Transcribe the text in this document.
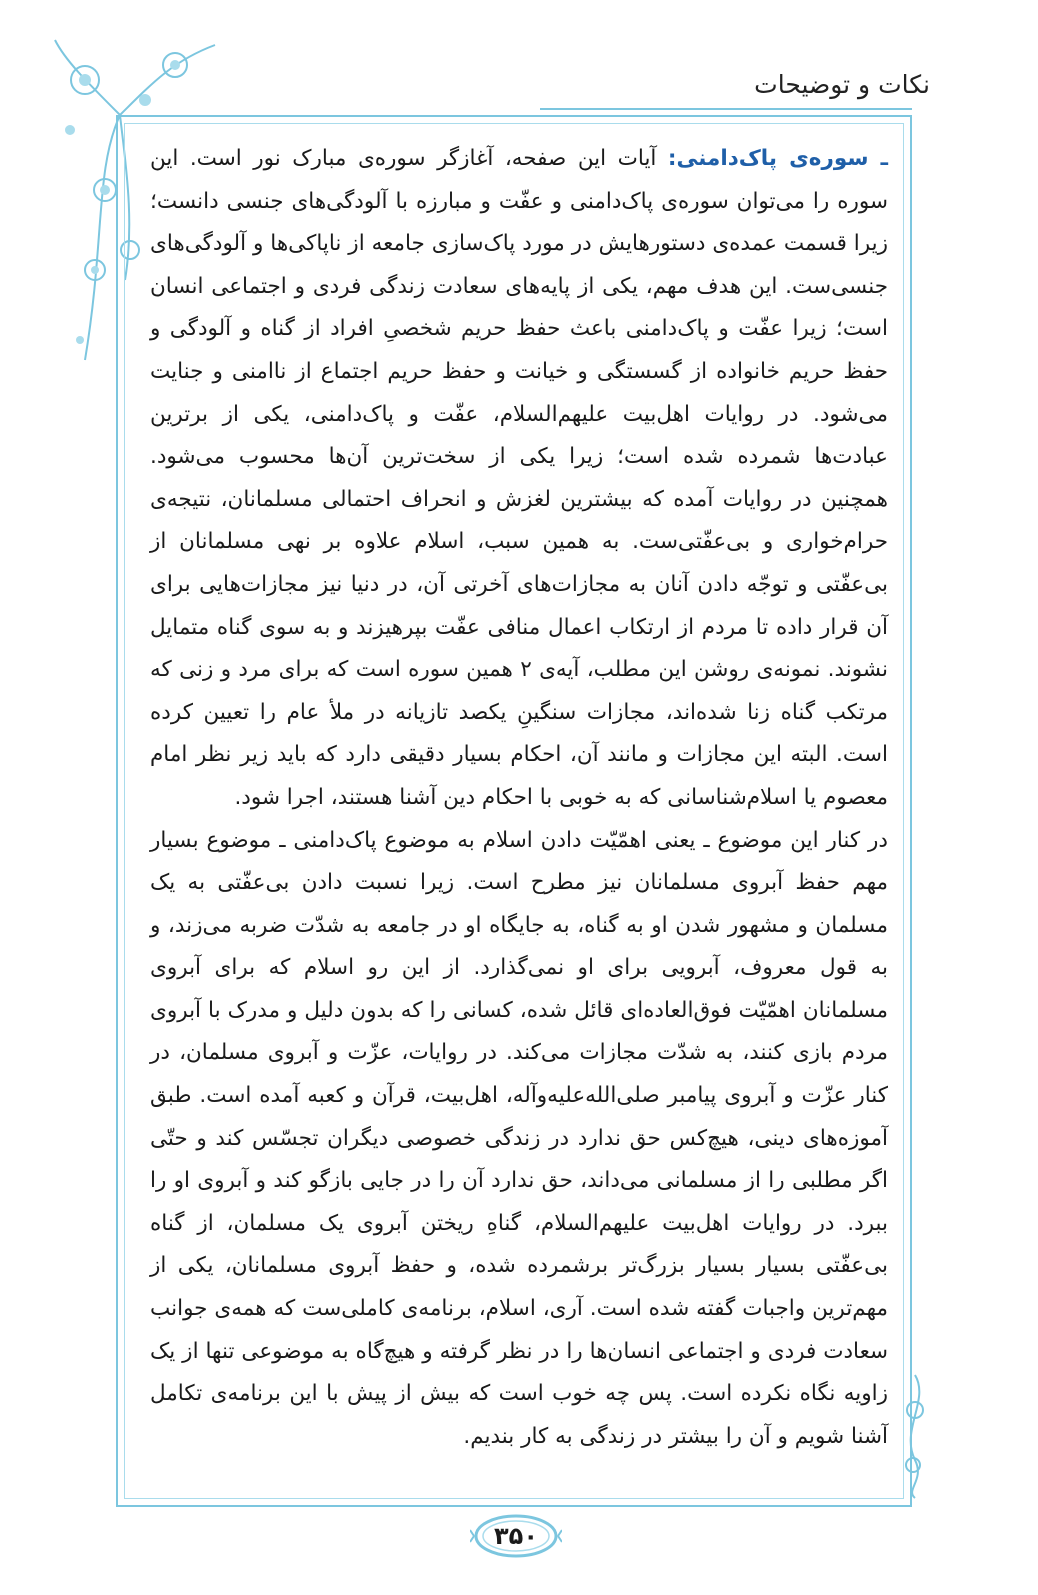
نکات و توضیحات

ـ سوره‌ی پاک‌دامنی: آیات این صفحه، آغازگر سوره‌ی مبارک نور است. این سوره را می‌توان سوره‌ی پاک‌دامنی و عفّت و مبارزه با آلودگی‌های جنسی دانست؛ زیرا قسمت عمده‌ی دستورهایش در مورد پاک‌سازی جامعه از ناپاکی‌ها و آلودگی‌های جنسی‌ست. این هدف مهم، یکی از پایه‌های سعادت زندگی فردی و اجتماعی انسان است؛ زیرا عفّت و پاک‌دامنی باعث حفظ حریم شخصیِ افراد از گناه و آلودگی و حفظ حریم خانواده از گسستگی و خیانت و حفظ حریم اجتماع از ناامنی و جنایت می‌شود. در روایات اهل‌بیت علیهم‌السلام، عفّت و پاک‌دامنی، یکی از برترین عبادت‌ها شمرده شده است؛ زیرا یکی از سخت‌ترین آن‌ها محسوب می‌شود. همچنین در روایات آمده که بیشترین لغزش و انحراف احتمالی مسلمانان، نتیجه‌ی حرام‌خواری و بی‌عفّتی‌ست. به همین سبب، اسلام علاوه بر نهی مسلمانان از بی‌عفّتی و توجّه دادن آنان به مجازات‌های آخرتی آن، در دنیا نیز مجازات‌هایی برای آن قرار داده تا مردم از ارتکاب اعمال منافی عفّت بپرهیزند و به سوی گناه متمایل نشوند. نمونه‌ی روشن این مطلب، آیه‌ی ۲ همین سوره است که برای مرد و زنی که مرتکب گناه زنا شده‌اند، مجازات سنگینِ یکصد تازیانه در ملأ عام را تعیین کرده است. البته این مجازات و مانند آن، احکام بسیار دقیقی دارد که باید زیر نظر امام معصوم یا اسلام‌شناسانی که به خوبی با احکام دین آشنا هستند، اجرا شود.

در کنار این موضوع ـ یعنی اهمّیّت دادن اسلام به موضوع پاک‌دامنی ـ موضوع بسیار مهم حفظ آبروی مسلمانان نیز مطرح است. زیرا نسبت دادن بی‌عفّتی به یک مسلمان و مشهور شدن او به گناه، به جایگاه او در جامعه به شدّت ضربه می‌زند، و به قول معروف، آبرویی برای او نمی‌گذارد. از این رو اسلام که برای آبروی مسلمانان اهمّیّت فوق‌العاده‌ای قائل شده، کسانی را که بدون دلیل و مدرک با آبروی مردم بازی کنند، به شدّت مجازات می‌کند. در روایات، عزّت و آبروی مسلمان، در کنار عزّت و آبروی پیامبر صلی‌الله‌علیه‌وآله، اهل‌بیت، قرآن و کعبه آمده است. طبق آموزه‌های دینی، هیچ‌کس حق ندارد در زندگی خصوصی دیگران تجسّس کند و حتّی اگر مطلبی را از مسلمانی می‌داند، حق ندارد آن را در جایی بازگو کند و آبروی او را ببرد. در روایات اهل‌بیت علیهم‌السلام، گناهِ ریختن آبروی یک مسلمان، از گناه بی‌عفّتی بسیار بسیار بزرگ‌تر برشمرده شده، و حفظ آبروی مسلمانان، یکی از مهم‌ترین واجبات گفته شده است. آری، اسلام، برنامه‌ی کاملی‌ست که همه‌ی جوانب سعادت فردی و اجتماعی انسان‌ها را در نظر گرفته و هیچ‌گاه به موضوعی تنها از یک زاویه نگاه نکرده است. پس چه خوب است که بیش از پیش با این برنامه‌ی تکامل آشنا شویم و آن را بیشتر در زندگی به کار بندیم.

۳۵۰
